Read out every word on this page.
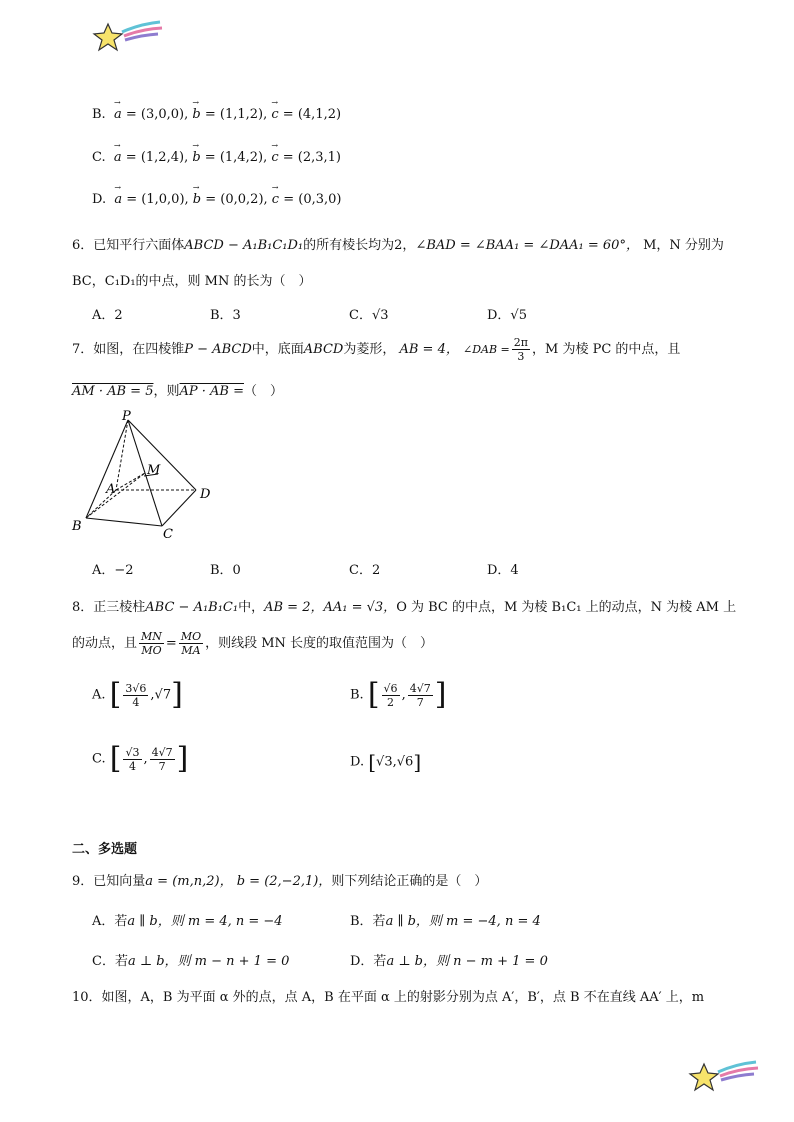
B. → a = (3,0,0), → b = (1,1,2), → c = (4,1,2)
C. → a = (1,2,4), → b = (1,4,2), → c = (2,3,1)
D. → a = (1,0,0), → b = (0,0,2), → c = (0,3,0)
6．已知平行六面体ABCD − A₁B₁C₁D₁的所有棱长均为2，∠BAD = ∠BAA₁ = ∠DAA₁ = 60°， M，N 分别为
BC，C₁D₁的中点，则 MN 的长为（　）
A．2	B．3	C．√3	D．√5
7．如图，在四棱锥P − ABCD中，底面ABCD为菱形， AB = 4， ∠DAB = $\frac{2\pi}{3}$ ，M 为棱 PC 的中点，且
AM · AB = 5，则AP · AB =（　）
P
M
A	D
B
C
A．−2	B．0	C．2	D．4
8．正三棱柱ABC − A₁B₁C₁中，AB = 2，AA₁ = √3，O 为 BC 的中点，M 为棱 B₁C₁ 上的动点，N 为棱 AM 上
的动点，且 $\frac{MN}{MO} = \frac{MO}{MA}$ ，则线段 MN 长度的取值范围为（　）
A. [ $\frac{3√6}{4} ,√7$]	B. [ $\frac{√6}{2}$ , $\frac{4√7}{7}$ ]
C. [ $\frac{√3}{4}$ , $\frac{4√7}{7}$ ]	D. [√3,√6]
二、多选题
9．已知向量a = (m,n,2)， b = (2,−2,1)，则下列结论正确的是（　）
A．若a ∥ b，则 m = 4, n = −4	B．若a ∥ b，则 m = −4, n = 4
C．若a ⊥ b，则 m − n + 1 = 0	D．若a ⊥ b，则 n − m + 1 = 0
10．如图，A，B 为平面 α 外的点，点 A，B 在平面 α 上的射影分别为点 A′，B′，点 B 不在直线 AA′ 上，m
